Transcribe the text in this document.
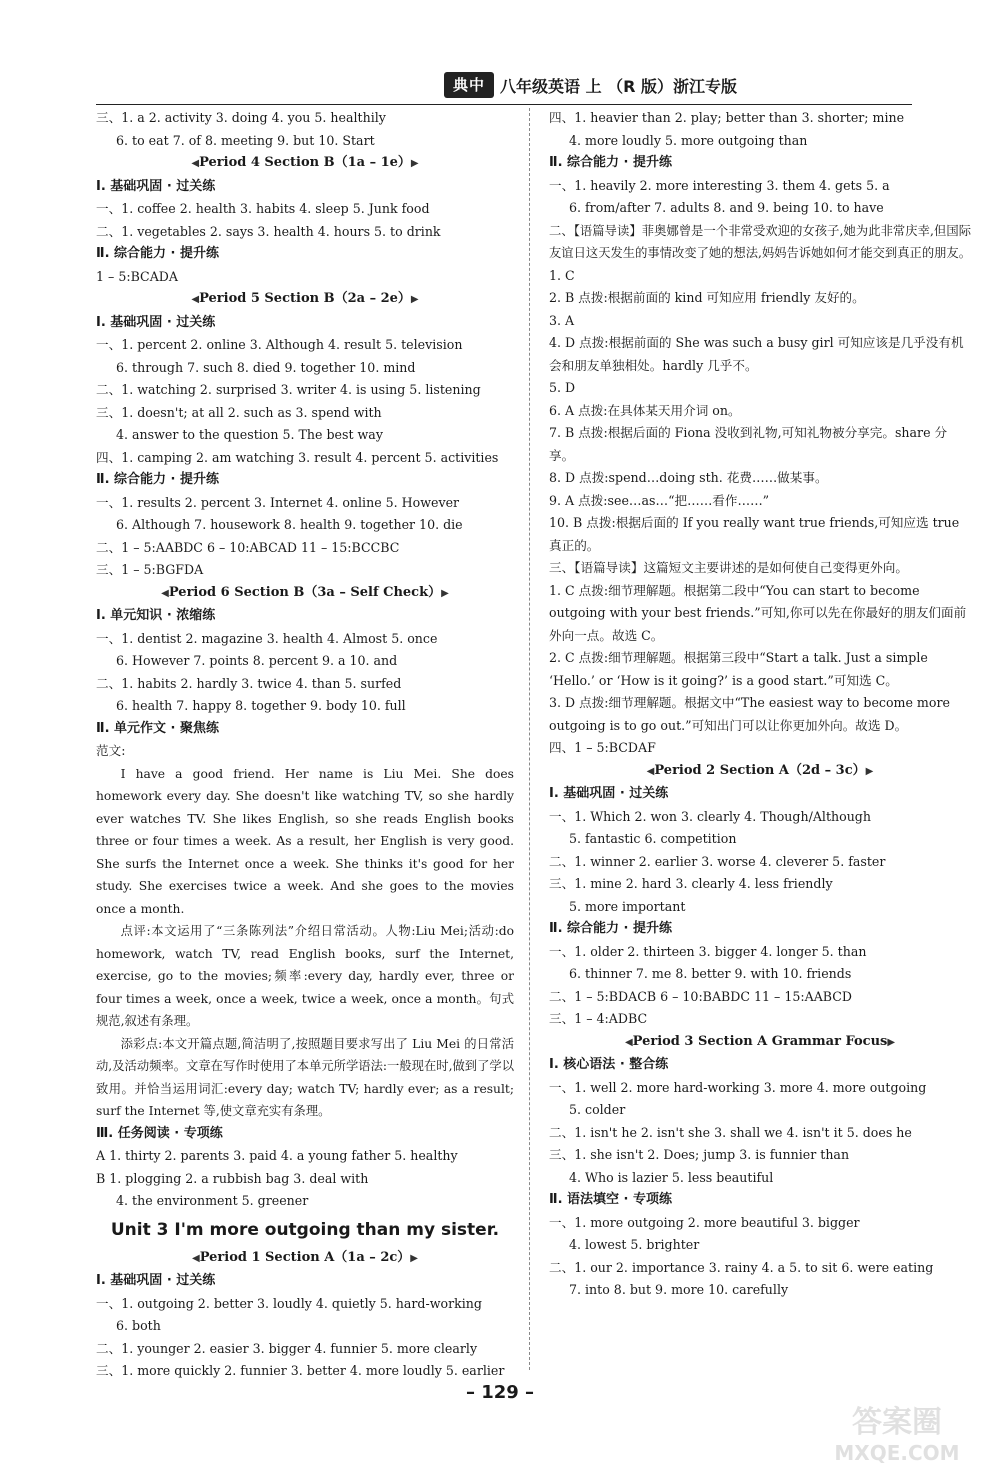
典中 八年级英语 上 （R 版）浙江专版
三、1. a 2. activity 3. doing 4. you 5. healthily
6. to eat 7. of 8. meeting 9. but 10. Start
◀Period 4 Section B（1a – 1e）▶
Ⅰ. 基础巩固 · 过关练
一、1. coffee 2. health 3. habits 4. sleep 5. Junk food
二、1. vegetables 2. says 3. health 4. hours 5. to drink
Ⅱ. 综合能力 · 提升练
1 – 5:BCADA
◀Period 5 Section B（2a – 2e）▶
Ⅰ. 基础巩固 · 过关练
一、1. percent 2. online 3. Although 4. result 5. television
6. through 7. such 8. died 9. together 10. mind
二、1. watching 2. surprised 3. writer 4. is using 5. listening
三、1. doesn't; at all 2. such as 3. spend with
4. answer to the question 5. The best way
四、1. camping 2. am watching 3. result 4. percent 5. activities
Ⅱ. 综合能力 · 提升练
一、1. results 2. percent 3. Internet 4. online 5. However
6. Although 7. housework 8. health 9. together 10. die
二、1 – 5:AABDC 6 – 10:ABCAD 11 – 15:BCCBC
三、1 – 5:BGFDA
◀Period 6 Section B（3a – Self Check）▶
Ⅰ. 单元知识 · 浓缩练
一、1. dentist 2. magazine 3. health 4. Almost 5. once
6. However 7. points 8. percent 9. a 10. and
二、1. habits 2. hardly 3. twice 4. than 5. surfed
6. health 7. happy 8. together 9. body 10. full
Ⅱ. 单元作文 · 聚焦练
范文:
I have a good friend. Her name is Liu Mei. She does homework every day. She doesn't like watching TV, so she hardly ever watches TV. She likes English, so she reads English books three or four times a week. As a result, her English is very good. She surfs the Internet once a week. She thinks it's good for her study. She exercises twice a week. And she goes to the movies once a month.
点评:本文运用了“三条陈列法”介绍日常活动。人物:Liu Mei;活动:do homework, watch TV, read English books, surf the Internet, exercise, go to the movies;频率:every day, hardly ever, three or four times a week, once a week, twice a week, once a month。句式规范,叙述有条理。
添彩点:本文开篇点题,简洁明了,按照题目要求写出了 Liu Mei 的日常活动,及活动频率。文章在写作时使用了本单元所学语法:一般现在时,做到了学以致用。并恰当运用词汇:every day; watch TV; hardly ever; as a result; surf the Internet 等,使文章充实有条理。
Ⅲ. 任务阅读 · 专项练
A 1. thirty 2. parents 3. paid 4. a young father 5. healthy
B 1. plogging 2. a rubbish bag 3. deal with
4. the environment 5. greener
Unit 3 I'm more outgoing than my sister.
◀Period 1 Section A（1a – 2c）▶
Ⅰ. 基础巩固 · 过关练
一、1. outgoing 2. better 3. loudly 4. quietly 5. hard-working
6. both
二、1. younger 2. easier 3. bigger 4. funnier 5. more clearly
三、1. more quickly 2. funnier 3. better 4. more loudly 5. earlier
四、1. heavier than 2. play; better than 3. shorter; mine
4. more loudly 5. more outgoing than
Ⅱ. 综合能力 · 提升练
一、1. heavily 2. more interesting 3. them 4. gets 5. a
6. from/after 7. adults 8. and 9. being 10. to have
二、【语篇导读】菲奥娜曾是一个非常受欢迎的女孩子,她为此非常庆幸,但国际友谊日这天发生的事情改变了她的想法,妈妈告诉她如何才能交到真正的朋友。
1. C
2. B 点拨:根据前面的 kind 可知应用 friendly 友好的。
3. A
4. D 点拨:根据前面的 She was such a busy girl 可知应该是几乎没有机会和朋友单独相处。hardly 几乎不。
5. D
6. A 点拨:在具体某天用介词 on。
7. B 点拨:根据后面的 Fiona 没收到礼物,可知礼物被分享完。share 分享。
8. D 点拨:spend…doing sth. 花费……做某事。
9. A 点拨:see…as…“把……看作……”
10. B 点拨:根据后面的 If you really want true friends,可知应选 true 真正的。
三、【语篇导读】这篇短文主要讲述的是如何使自己变得更外向。
1. C 点拨:细节理解题。根据第二段中“You can start to become outgoing with your best friends.”可知,你可以先在你最好的朋友们面前外向一点。故选 C。
2. C 点拨:细节理解题。根据第三段中“Start a talk. Just a simple ‘Hello.’ or ‘How is it going?’ is a good start.”可知选 C。
3. D 点拨:细节理解题。根据文中“The easiest way to become more outgoing is to go out.”可知出门可以让你更加外向。故选 D。
四、1 – 5:BCDAF
◀Period 2 Section A（2d – 3c）▶
Ⅰ. 基础巩固 · 过关练
一、1. Which 2. won 3. clearly 4. Though/Although
5. fantastic 6. competition
二、1. winner 2. earlier 3. worse 4. cleverer 5. faster
三、1. mine 2. hard 3. clearly 4. less friendly
5. more important
Ⅱ. 综合能力 · 提升练
一、1. older 2. thirteen 3. bigger 4. longer 5. than
6. thinner 7. me 8. better 9. with 10. friends
二、1 – 5:BDACB 6 – 10:BABDC 11 – 15:AABCD
三、1 – 4:ADBC
◀Period 3 Section A Grammar Focus▶
Ⅰ. 核心语法 · 整合练
一、1. well 2. more hard-working 3. more 4. more outgoing
5. colder
二、1. isn't he 2. isn't she 3. shall we 4. isn't it 5. does he
三、1. she isn't 2. Does; jump 3. is funnier than
4. Who is lazier 5. less beautiful
Ⅱ. 语法填空 · 专项练
一、1. more outgoing 2. more beautiful 3. bigger
4. lowest 5. brighter
二、1. our 2. importance 3. rainy 4. a 5. to sit 6. were eating
7. into 8. but 9. more 10. carefully
– 129 –
答案圈
MXQE.COM
